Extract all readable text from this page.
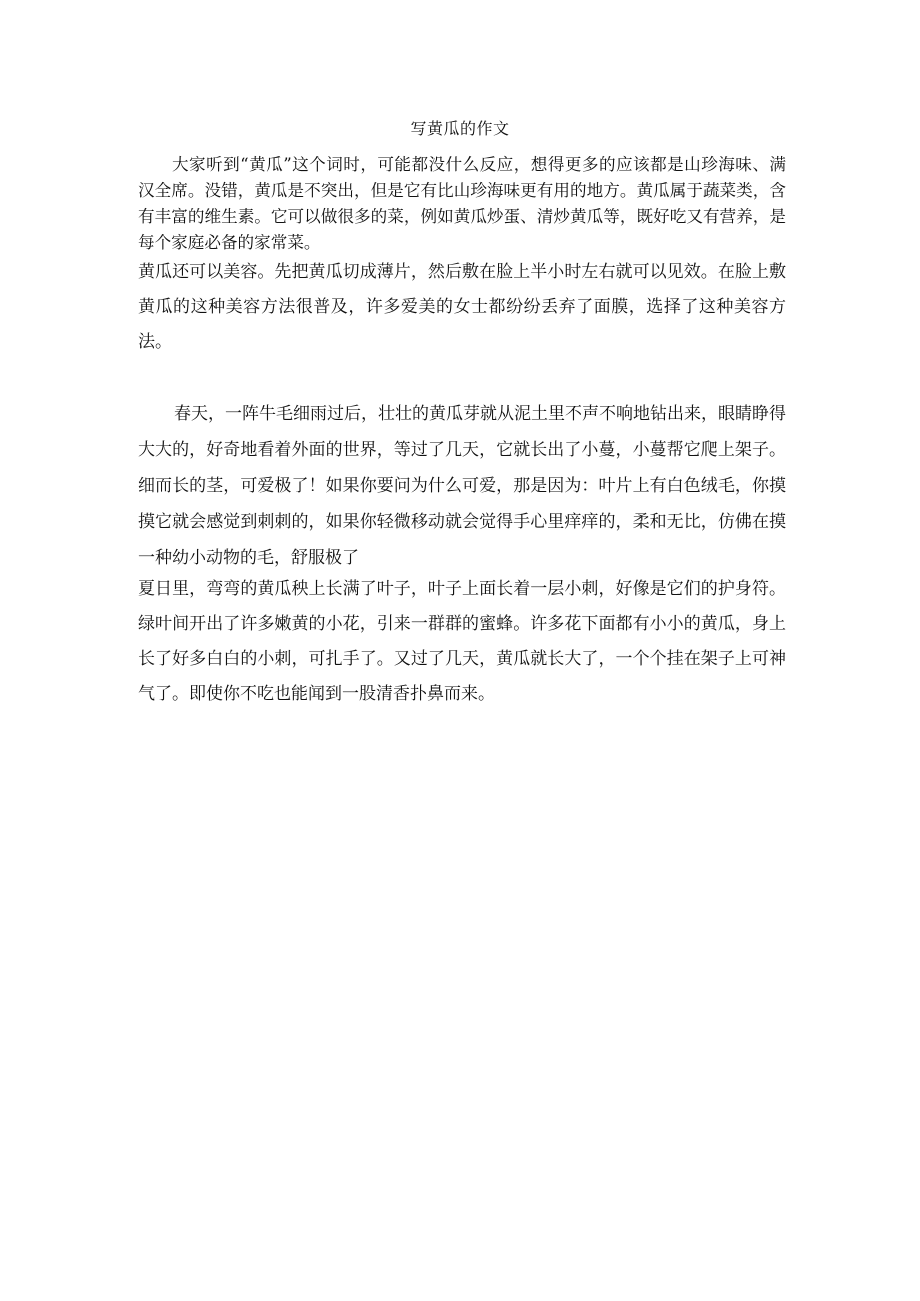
写黄瓜的作文
大家听到“黄瓜”这个词时，可能都没什么反应，想得更多的应该都是山珍海味、满汉全席。没错，黄瓜是不突出，但是它有比山珍海味更有用的地方。黄瓜属于蔬菜类，含有丰富的维生素。它可以做很多的菜，例如黄瓜炒蛋、清炒黄瓜等，既好吃又有营养，是每个家庭必备的家常菜。
黄瓜还可以美容。先把黄瓜切成薄片，然后敷在脸上半小时左右就可以见效。在脸上敷黄瓜的这种美容方法很普及，许多爱美的女士都纷纷丢弃了面膜，选择了这种美容方法。
春天，一阵牛毛细雨过后，壮壮的黄瓜芽就从泥土里不声不响地钻出来，眼睛睁得大大的，好奇地看着外面的世界，等过了几天，它就长出了小蔓，小蔓帮它爬上架子。细而长的茎，可爱极了！如果你要问为什么可爱，那是因为：叶片上有白色绒毛，你摸摸它就会感觉到刺刺的，如果你轻微移动就会觉得手心里痒痒的，柔和无比，仿佛在摸一种幼小动物的毛，舒服极了
夏日里，弯弯的黄瓜秧上长满了叶子，叶子上面长着一层小刺，好像是它们的护身符。绿叶间开出了许多嫩黄的小花，引来一群群的蜜蜂。许多花下面都有小小的黄瓜，身上长了好多白白的小刺，可扎手了。又过了几天，黄瓜就长大了，一个个挂在架子上可神气了。即使你不吃也能闻到一股清香扑鼻而来。
